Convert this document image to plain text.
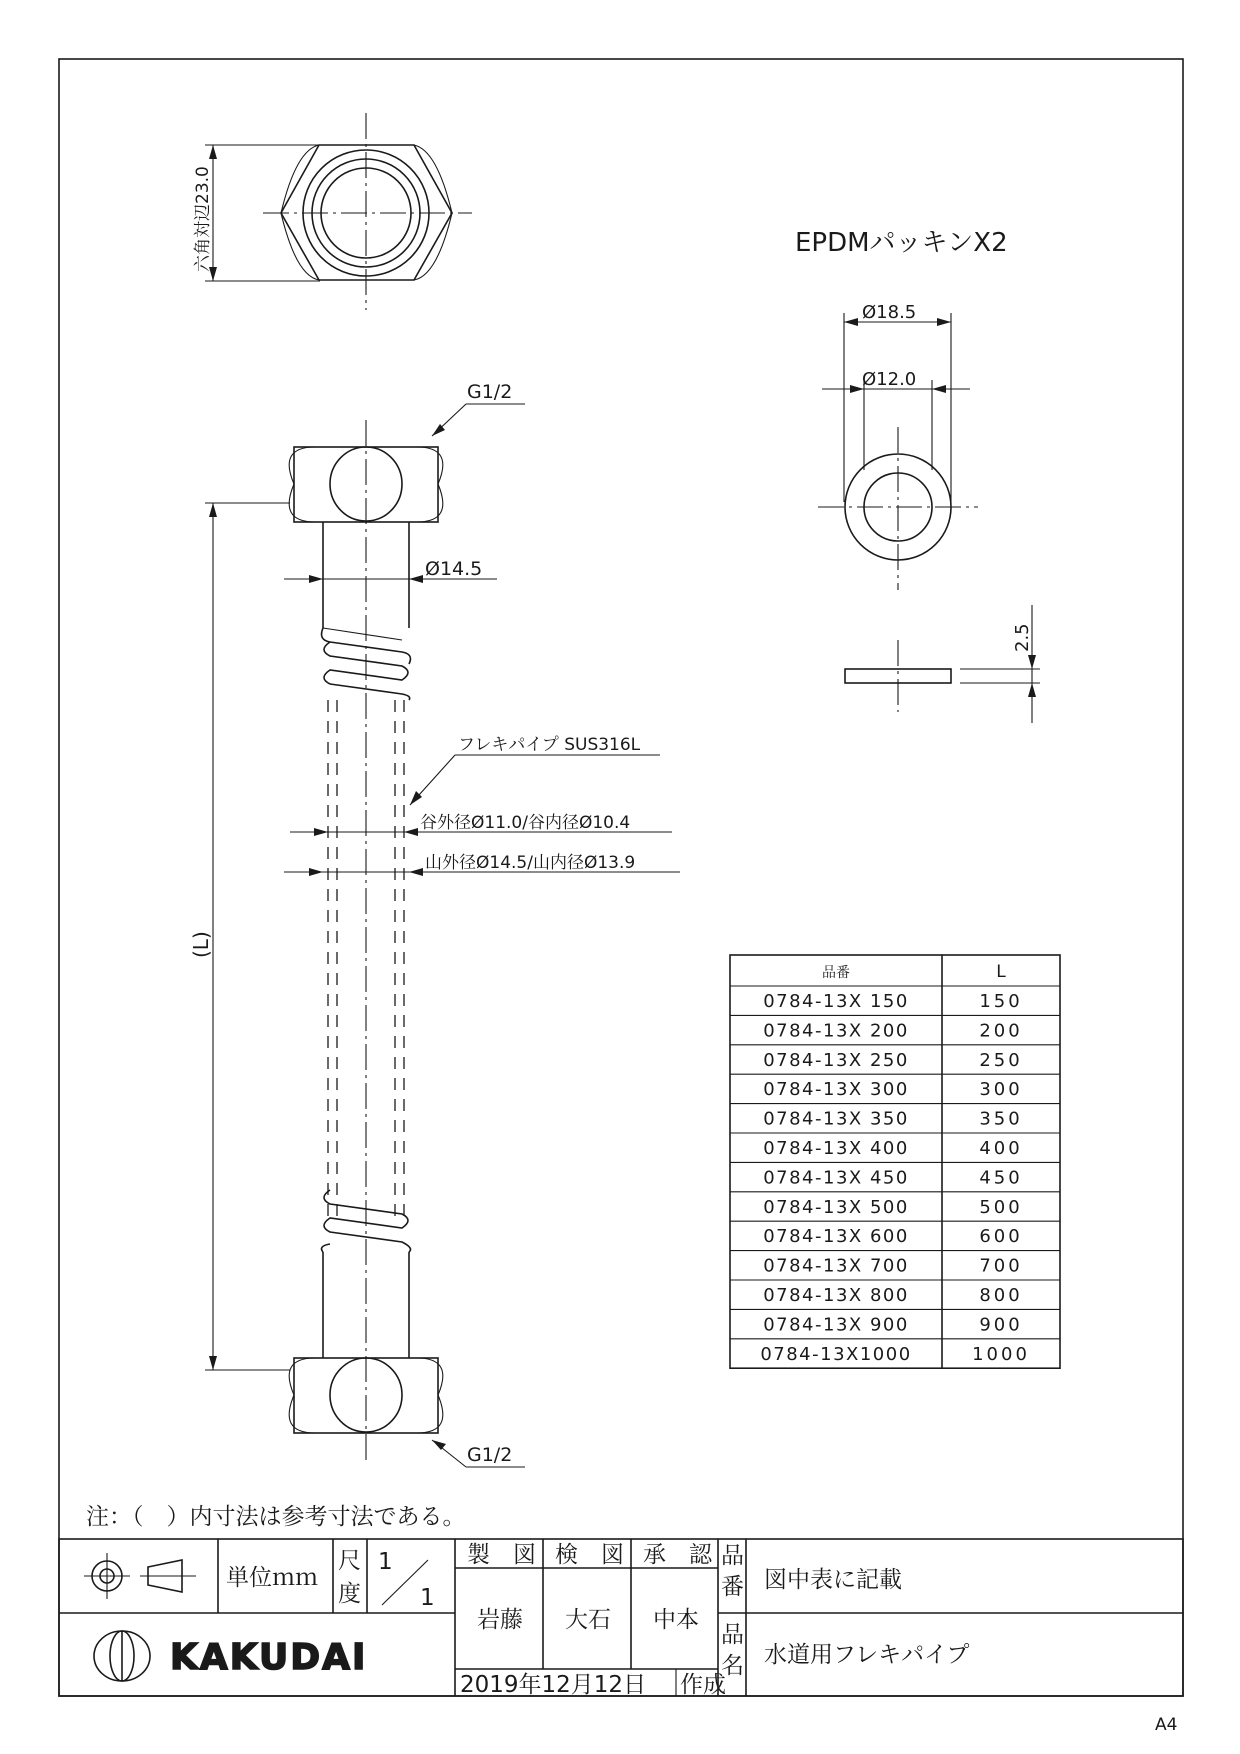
六角対辺23.0	EPDMパッキンX2
Ø18.5
Ø12.0
2.5
(L)
Ø14.5
G1/2
G1/2
フレキパイプ SUS316L
谷外径Ø11.0/谷内径Ø10.4
山外径Ø14.5/山内径Ø13.9
品番	L
0784-13X 150	150
0784-13X 200	200
0784-13X 250	250
0784-13X 300	300
0784-13X 350	350
0784-13X 400	400
0784-13X 450	450
0784-13X 500	500
0784-13X 600	600
0784-13X 700	700
0784-13X 800	800
0784-13X 900	900
0784-13X1000	1000
注：（　）内寸法は参考寸法である。
単位ｍｍ
尺
度
1
1
製　図 検　図 承　認
岩藤 大石 中本
品
番 図中表に記載
品
名 水道用フレキパイプ
2019年12月12日 作成
KAKUDAI
A4
